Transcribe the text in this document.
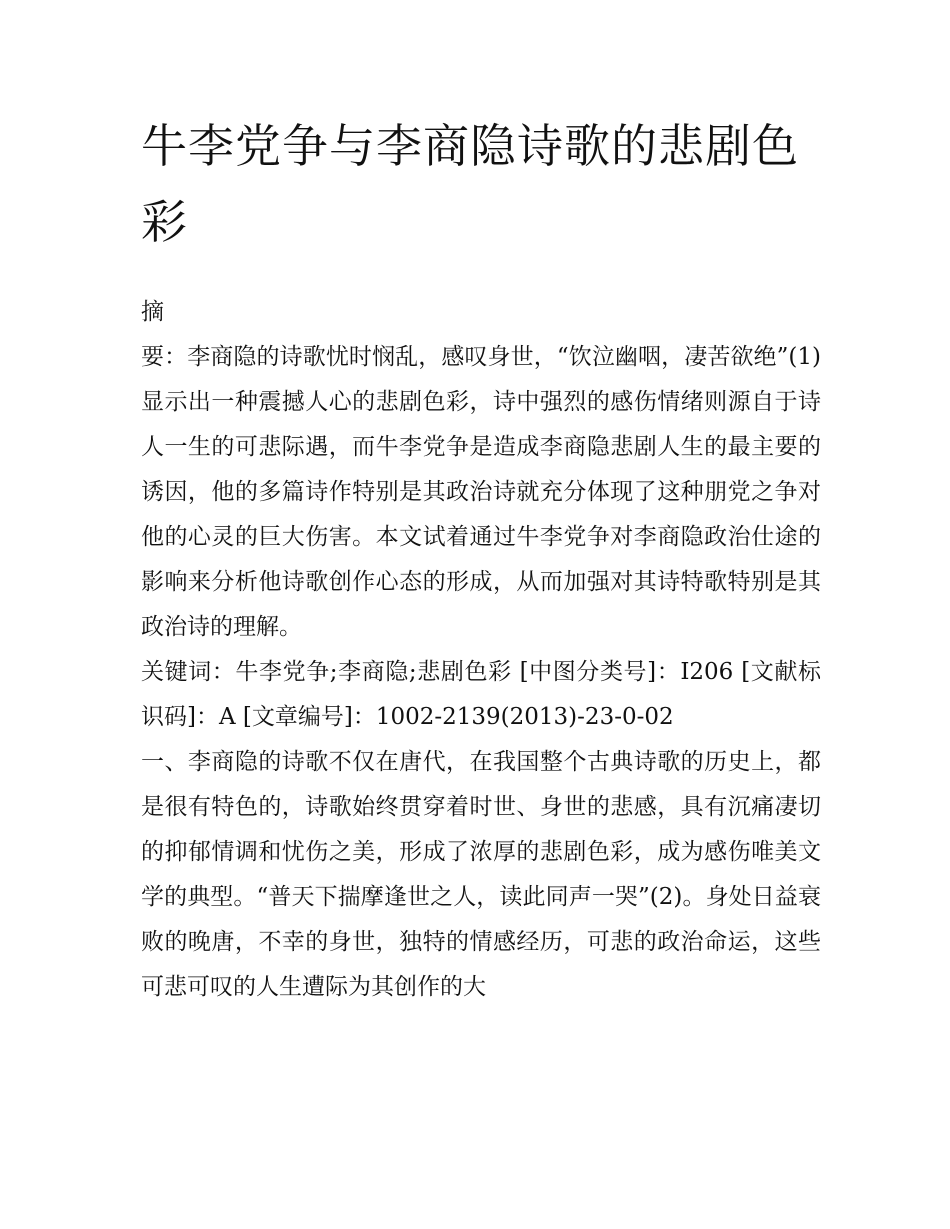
牛李党争与李商隐诗歌的悲剧色彩

摘

要：李商隐的诗歌忧时悯乱，感叹身世，“饮泣幽咽，凄苦欲绝”(1)显示出一种震撼人心的悲剧色彩，诗中强烈的感伤情绪则源自于诗人一生的可悲际遇，而牛李党争是造成李商隐悲剧人生的最主要的诱因，他的多篇诗作特别是其政治诗就充分体现了这种朋党之争对他的心灵的巨大伤害。本文试着通过牛李党争对李商隐政治仕途的影响来分析他诗歌创作心态的形成，从而加强对其诗特歌特别是其政治诗的理解。

关键词：牛李党争;李商隐;悲剧色彩 [中图分类号]：I206 [文献标识码]：A [文章编号]：1002-2139(2013)-23-0-02

一、李商隐的诗歌不仅在唐代，在我国整个古典诗歌的历史上，都是很有特色的，诗歌始终贯穿着时世、身世的悲感，具有沉痛凄切的抑郁情调和忧伤之美，形成了浓厚的悲剧色彩，成为感伤唯美文学的典型。“普天下揣摩逢世之人，读此同声一哭”(2)。身处日益衰败的晚唐，不幸的身世，独特的情感经历，可悲的政治命运，这些可悲可叹的人生遭际为其创作的大
